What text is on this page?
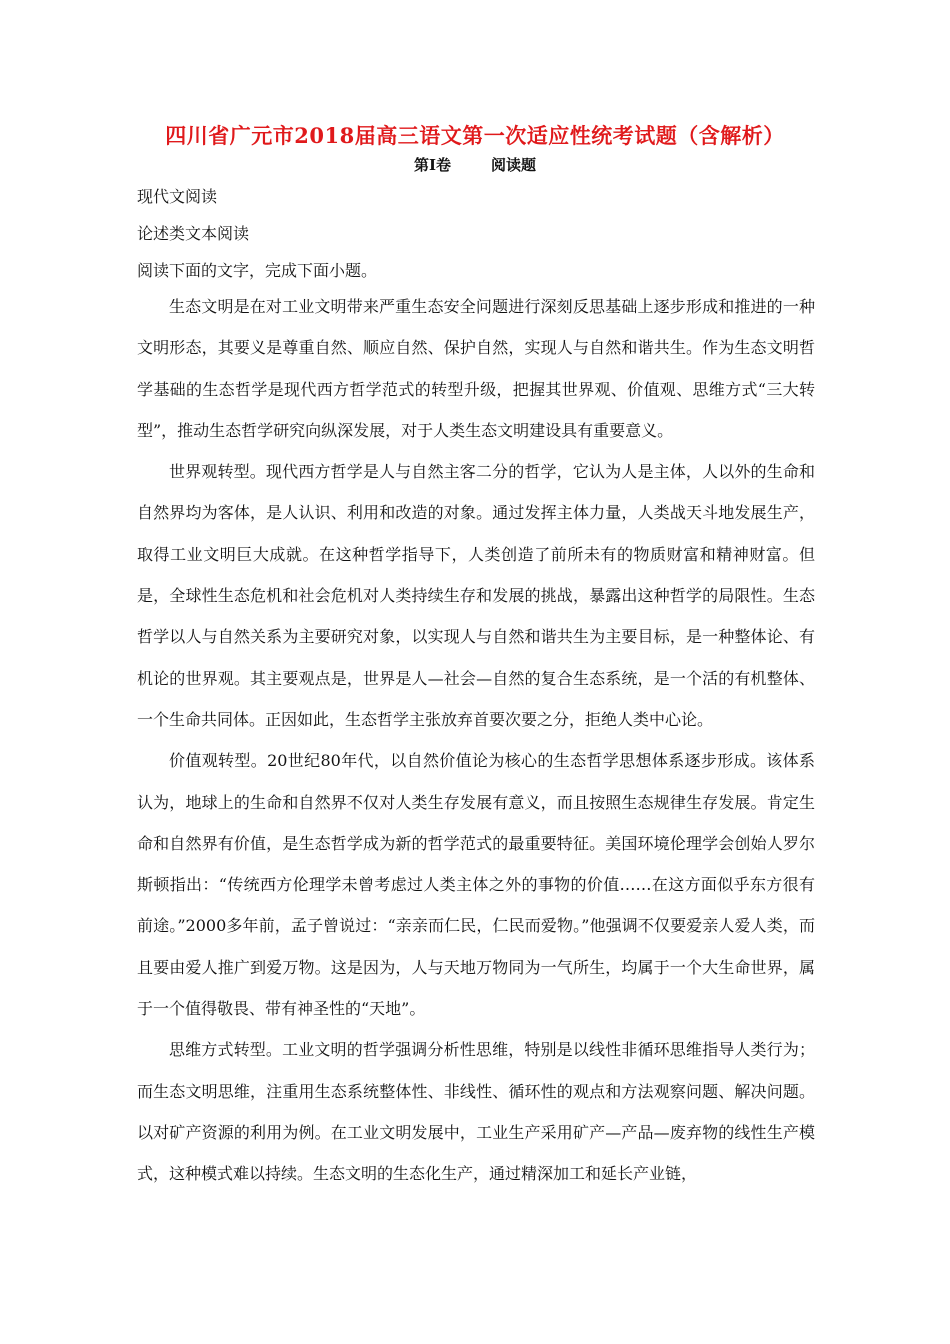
四川省广元市2018届高三语文第一次适应性统考试题（含解析）
第Ⅰ卷	阅读题
现代文阅读
论述类文本阅读
阅读下面的文字，完成下面小题。

生态文明是在对工业文明带来严重生态安全问题进行深刻反思基础上逐步形成和推进的一种文明形态，其要义是尊重自然、顺应自然、保护自然，实现人与自然和谐共生。作为生态文明哲学基础的生态哲学是现代西方哲学范式的转型升级，把握其世界观、价值观、思维方式“三大转型”，推动生态哲学研究向纵深发展，对于人类生态文明建设具有重要意义。

世界观转型。现代西方哲学是人与自然主客二分的哲学，它认为人是主体，人以外的生命和自然界均为客体，是人认识、利用和改造的对象。通过发挥主体力量，人类战天斗地发展生产，取得工业文明巨大成就。在这种哲学指导下，人类创造了前所未有的物质财富和精神财富。但是，全球性生态危机和社会危机对人类持续生存和发展的挑战，暴露出这种哲学的局限性。生态哲学以人与自然关系为主要研究对象，以实现人与自然和谐共生为主要目标，是一种整体论、有机论的世界观。其主要观点是，世界是人—社会—自然的复合生态系统，是一个活的有机整体、一个生命共同体。正因如此，生态哲学主张放弃首要次要之分，拒绝人类中心论。

价值观转型。20世纪80年代，以自然价值论为核心的生态哲学思想体系逐步形成。该体系认为，地球上的生命和自然界不仅对人类生存发展有意义，而且按照生态规律生存发展。肯定生命和自然界有价值，是生态哲学成为新的哲学范式的最重要特征。美国环境伦理学会创始人罗尔斯顿指出：“传统西方伦理学未曾考虑过人类主体之外的事物的价值……在这方面似乎东方很有前途。”2000多年前，孟子曾说过：“亲亲而仁民，仁民而爱物。”他强调不仅要爱亲人爱人类，而且要由爱人推广到爱万物。这是因为，人与天地万物同为一气所生，均属于一个大生命世界，属于一个值得敬畏、带有神圣性的“天地”。

思维方式转型。工业文明的哲学强调分析性思维，特别是以线性非循环思维指导人类行为；而生态文明思维，注重用生态系统整体性、非线性、循环性的观点和方法观察问题、解决问题。以对矿产资源的利用为例。在工业文明发展中，工业生产采用矿产—产品—废弃物的线性生产模式，这种模式难以持续。生态文明的生态化生产，通过精深加工和延长产业链，
